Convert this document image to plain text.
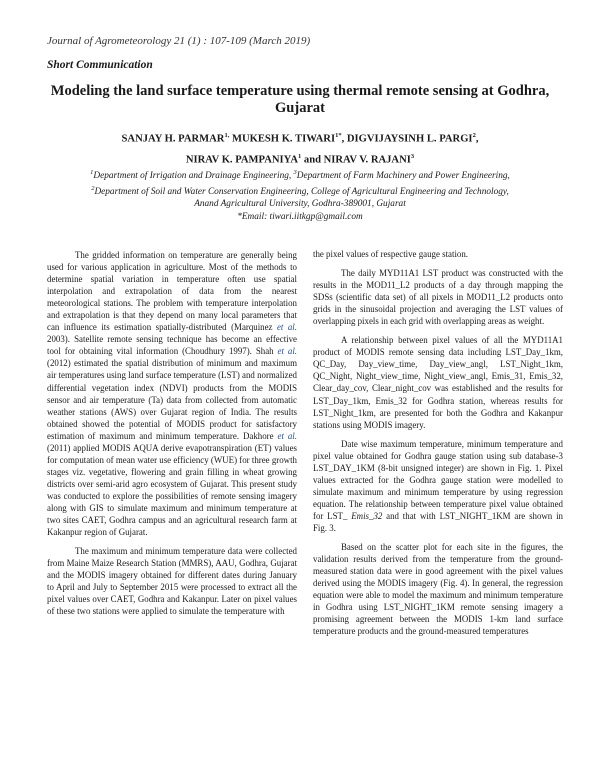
Journal of Agrometeorology 21 (1) : 107-109 (March 2019)
Short Communication
Modeling the land surface temperature using thermal remote sensing at Godhra, Gujarat
SANJAY H. $PARMAR^{1,}$ MUKESH K. $TIWARI^{1*}$, DIGVIJAYSINH L. PARGI$^2$,
NIRAV K. PAMPANIYA$^1$ and NIRAV V. RAJANI$^3$
$^1$Department of Irrigation and Drainage Engineering, $^3$Department of Farm Machinery and Power Engineering,
$^2$Department of Soil and Water Conservation Engineering, College of Agricultural Engineering and Technology,
Anand Agricultural University, Godhra-389001, Gujarat
*Email: tiwari.iitkgp@gmail.com

The gridded information on temperature are generally being used for various application in agriculture. Most of the methods to determine spatial variation in temperature often use spatial interpolation and extrapolation of data from the nearest meteorological stations. The problem with temperature interpolation and extrapolation is that they depend on many local parameters that can influence its estimation spatially-distributed (Marquinez et al. 2003). Satellite remote sensing technique has become an effective tool for obtaining vital information (Choudhury 1997). Shah et al. (2012) estimated the spatial distribution of minimum and maximum air temperatures using land surface temperature (LST) and normalized differential vegetation index (NDVI) products from the MODIS sensor and air temperature (Ta) data from collected from automatic weather stations (AWS) over Gujarat region of India. The results obtained showed the potential of MODIS product for satisfactory estimation of maximum and minimum temperature. Dakhore et al. (2011) applied MODIS AQUA derive evapotranspiration (ET) values for computation of mean water use efficiency (WUE) for three growth stages viz. vegetative, flowering and grain filling in wheat growing districts over semi-arid agro ecosystem of Gujarat. This present study was conducted to explore the possibilities of remote sensing imagery along with GIS to simulate maximum and minimum temperature at two sites CAET, Godhra campus and an agricultural research farm at Kakanpur region of Gujarat.

The maximum and minimum temperature data were collected from Maine Maize Research Station (MMRS), AAU, Godhra, Gujarat and the MODIS imagery obtained for different dates during January to April and July to September 2015 were processed to extract all the pixel values over CAET, Godhra and Kakanpur. Later on pixel values of these two stations were applied to simulate the temperature with

the pixel values of respective gauge station.

The daily MYD11A1 LST product was constructed with the results in the MOD11_L2 products of a day through mapping the SDSs (scientific data set) of all pixels in MOD11_L2 products onto grids in the sinusoidal projection and averaging the LST values of overlapping pixels in each grid with overlapping areas as weight.

A relationship between pixel values of all the MYD11A1 product of MODIS remote sensing data including LST_Day_1km, QC_Day, Day_view_time, Day_view_angl, LST_Night_1km, QC_Night, Night_view_time, Night_view_angl, Emis_31, Emis_32, Clear_day_cov, Clear_night_cov was established and the results for LST_Day_1km, Emis_32 for Godhra station, whereas results for LST_Night_1km, are presented for both the Godhra and Kakanpur stations using MODIS imagery.

Date wise maximum temperature, minimum temperature and pixel value obtained for Godhra gauge station using sub database-3 LST_DAY_1KM (8-bit unsigned integer) are shown in Fig. 1. Pixel values extracted for the Godhra gauge station were modelled to simulate maximum and minimum temperature by using regression equation. The relationship between temperature pixel value obtained for LST_ Emis_32 and that with LST_NIGHT_1KM are shown in Fig. 3.

Based on the scatter plot for each site in the figures, the validation results derived from the temperature from the ground-measured station data were in good agreement with the pixel values derived using the MODIS imagery (Fig. 4). In general, the regression equation were able to model the maximum and minimum temperature in Godhra using LST_NIGHT_1KM remote sensing imagery a promising agreement between the MODIS 1-km land surface temperature products and the ground-measured temperatures
